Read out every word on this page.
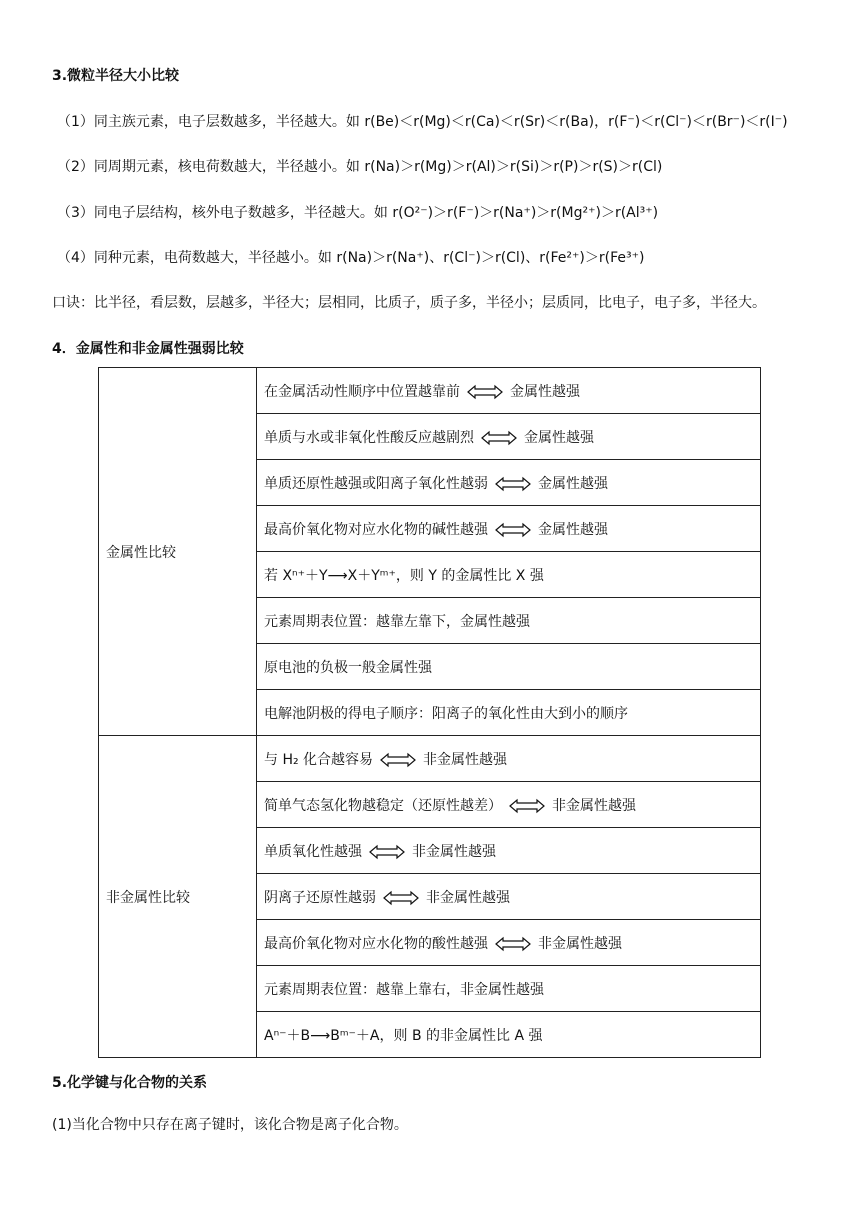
3.微粒半径大小比较
（1）同主族元素，电子层数越多，半径越大。如 r(Be)＜r(Mg)＜r(Ca)＜r(Sr)＜r(Ba)，r(F⁻)＜r(Cl⁻)＜r(Br⁻)＜r(I⁻)
（2）同周期元素，核电荷数越大，半径越小。如 r(Na)＞r(Mg)＞r(Al)＞r(Si)＞r(P)＞r(S)＞r(Cl)
（3）同电子层结构，核外电子数越多，半径越大。如 r(O²⁻)＞r(F⁻)＞r(Na⁺)＞r(Mg²⁺)＞r(Al³⁺)
（4）同种元素，电荷数越大，半径越小。如 r(Na)＞r(Na⁺)、r(Cl⁻)＞r(Cl)、r(Fe²⁺)＞r(Fe³⁺)
口诀：比半径，看层数，层越多，半径大；层相同，比质子，质子多，半径小；层质同，比电子，电子多，半径大。
4．金属性和非金属性强弱比较
金属性比较	在金属活动性顺序中位置越靠前 金属性越强
	单质与水或非氧化性酸反应越剧烈 金属性越强
	单质还原性越强或阳离子氧化性越弱 金属性越强
	最高价氧化物对应水化物的碱性越强 金属性越强
	若 Xⁿ⁺＋Y⟶X＋Yᵐ⁺，则 Y 的金属性比 X 强
	元素周期表位置：越靠左靠下，金属性越强
	原电池的负极一般金属性强
	电解池阴极的得电子顺序：阳离子的氧化性由大到小的顺序
非金属性比较	与 H₂ 化合越容易 非金属性越强
	简单气态氢化物越稳定（还原性越差） 非金属性越强
	单质氧化性越强 非金属性越强
	阴离子还原性越弱 非金属性越强
	最高价氧化物对应水化物的酸性越强 非金属性越强
	元素周期表位置：越靠上靠右，非金属性越强
	Aⁿ⁻＋B⟶Bᵐ⁻＋A，则 B 的非金属性比 A 强
5.化学键与化合物的关系
(1)当化合物中只存在离子键时，该化合物是离子化合物。
